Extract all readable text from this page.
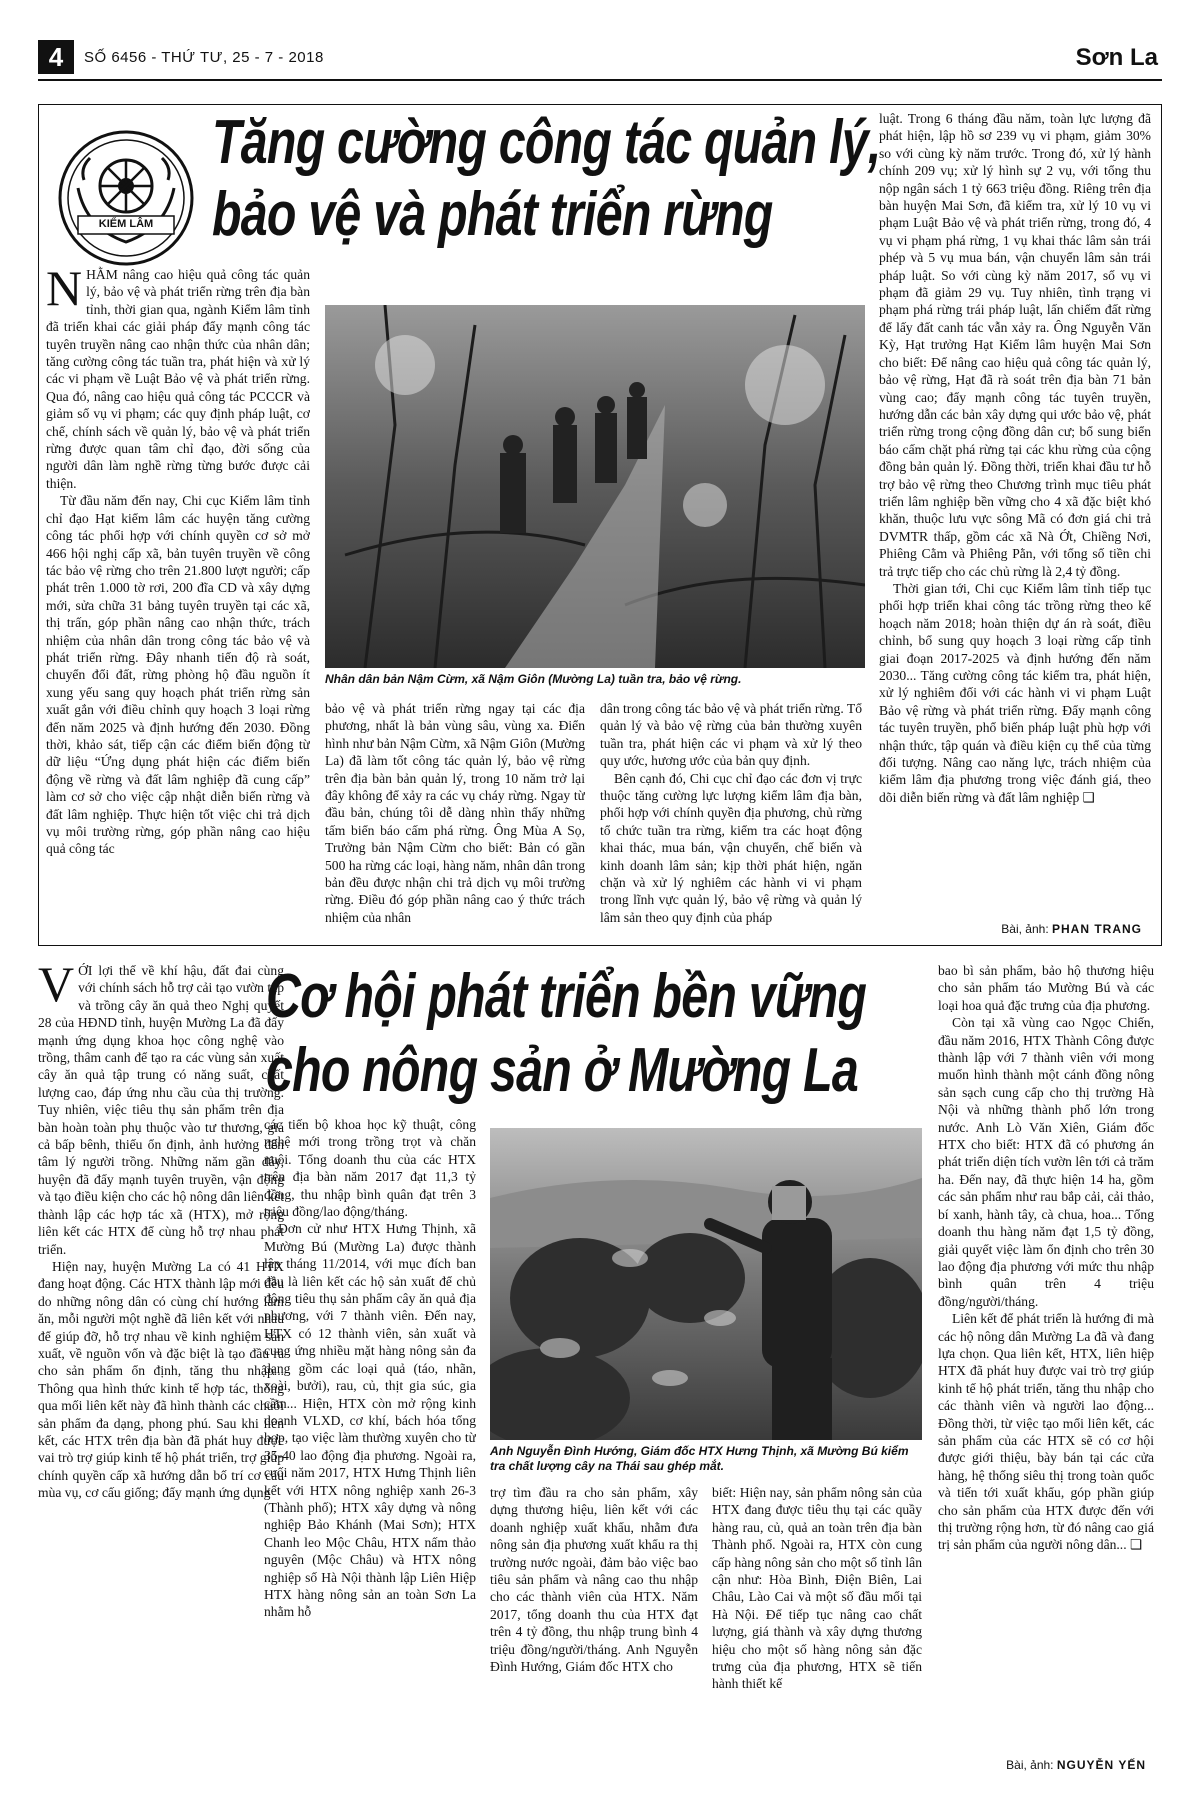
4	SỐ 6456 - THỨ TƯ, 25 - 7 - 2018	Sơn La
KIỂM LÂM
Tăng cường công tác quản lý,
bảo vệ và phát triển rừng

NHẰM nâng cao hiệu quả công tác quản lý, bảo vệ và phát triển rừng trên địa bàn tỉnh, thời gian qua, ngành Kiểm lâm tỉnh đã triển khai các giải pháp đẩy mạnh công tác tuyên truyền nâng cao nhận thức của nhân dân; tăng cường công tác tuần tra, phát hiện và xử lý các vi phạm về Luật Bảo vệ và phát triển rừng. Qua đó, nâng cao hiệu quả công tác PCCCR và giảm số vụ vi phạm; các quy định pháp luật, cơ chế, chính sách về quản lý, bảo vệ và phát triển rừng được quan tâm chỉ đạo, đời sống của người dân làm nghề rừng từng bước được cải thiện.

Từ đầu năm đến nay, Chi cục Kiểm lâm tỉnh chỉ đạo Hạt kiểm lâm các huyện tăng cường công tác phối hợp với chính quyền cơ sở mở 466 hội nghị cấp xã, bản tuyên truyền về công tác bảo vệ rừng cho trên 21.800 lượt người; cấp phát trên 1.000 tờ rơi, 200 đĩa CD và xây dựng mới, sửa chữa 31 bảng tuyên truyền tại các xã, thị trấn, góp phần nâng cao nhận thức, trách nhiệm của nhân dân trong công tác bảo vệ và phát triển rừng. Đây nhanh tiến độ rà soát, chuyển đổi đất, rừng phòng hộ đầu nguồn ít xung yếu sang quy hoạch phát triển rừng sản xuất gắn với điều chỉnh quy hoạch 3 loại rừng đến năm 2025 và định hướng đến 2030. Đồng thời, khảo sát, tiếp cận các điểm biến động từ dữ liệu “Ứng dụng phát hiện các điểm biến động về rừng và đất lâm nghiệp đã cung cấp” làm cơ sở cho việc cập nhật diễn biến rừng và đất lâm nghiệp. Thực hiện tốt việc chi trả dịch vụ môi trường rừng, góp phần nâng cao hiệu quả công tác

Nhân dân bản Nậm Cừm, xã Nậm Giôn (Mường La) tuần tra, bảo vệ rừng.

bảo vệ và phát triển rừng ngay tại các địa phương, nhất là bản vùng sâu, vùng xa. Điển hình như bản Nậm Cừm, xã Nậm Giôn (Mường La) đã làm tốt công tác quản lý, bảo vệ rừng trên địa bàn bản quản lý, trong 10 năm trở lại đây không để xảy ra các vụ cháy rừng. Ngay từ đầu bản, chúng tôi dễ dàng nhìn thấy những tấm biển báo cấm phá rừng. Ông Mùa A Sọ, Trưởng bản Nậm Cừm cho biết: Bản có gần 500 ha rừng các loại, hàng năm, nhân dân trong bản đều được nhận chi trả dịch vụ môi trường rừng. Điều đó góp phần nâng cao ý thức trách nhiệm của nhân

dân trong công tác bảo vệ và phát triển rừng. Tổ quản lý và bảo vệ rừng của bản thường xuyên tuần tra, phát hiện các vi phạm và xử lý theo quy ước, hương ước của bản quy định.

Bên cạnh đó, Chi cục chỉ đạo các đơn vị trực thuộc tăng cường lực lượng kiểm lâm địa bàn, phối hợp với chính quyền địa phương, chủ rừng tổ chức tuần tra rừng, kiểm tra các hoạt động khai thác, mua bán, vận chuyển, chế biến và kinh doanh lâm sản; kịp thời phát hiện, ngăn chặn và xử lý nghiêm các hành vi vi phạm trong lĩnh vực quản lý, bảo vệ rừng và quản lý lâm sản theo quy định của pháp

luật. Trong 6 tháng đầu năm, toàn lực lượng đã phát hiện, lập hồ sơ 239 vụ vi phạm, giảm 30% so với cùng kỳ năm trước. Trong đó, xử lý hành chính 209 vụ; xử lý hình sự 2 vụ, với tổng thu nộp ngân sách 1 tỷ 663 triệu đồng. Riêng trên địa bàn huyện Mai Sơn, đã kiểm tra, xử lý 10 vụ vi phạm Luật Bảo vệ và phát triển rừng, trong đó, 4 vụ vi phạm phá rừng, 1 vụ khai thác lâm sản trái phép và 5 vụ mua bán, vận chuyển lâm sản trái pháp luật. So với cùng kỳ năm 2017, số vụ vi phạm đã giảm 29 vụ. Tuy nhiên, tình trạng vi phạm phá rừng trái pháp luật, lấn chiếm đất rừng để lấy đất canh tác vẫn xảy ra. Ông Nguyễn Văn Kỳ, Hạt trưởng Hạt Kiểm lâm huyện Mai Sơn cho biết: Để nâng cao hiệu quả công tác quản lý, bảo vệ rừng, Hạt đã rà soát trên địa bàn 71 bản vùng cao; đẩy mạnh công tác tuyên truyền, hướng dẫn các bản xây dựng qui ước bảo vệ, phát triển rừng trong cộng đồng dân cư; bổ sung biển báo cấm chặt phá rừng tại các khu rừng của cộng đồng bản quản lý. Đồng thời, triển khai đầu tư hỗ trợ bảo vệ rừng theo Chương trình mục tiêu phát triển lâm nghiệp bền vững cho 4 xã đặc biệt khó khăn, thuộc lưu vực sông Mã có đơn giá chi trả DVMTR thấp, gồm các xã Nà Ớt, Chiềng Nơi, Phiêng Cằm và Phiêng Pằn, với tổng số tiền chi trả trực tiếp cho các chủ rừng là 2,4 tỷ đồng.

Thời gian tới, Chi cục Kiểm lâm tỉnh tiếp tục phối hợp triển khai công tác trồng rừng theo kế hoạch năm 2018; hoàn thiện dự án rà soát, điều chỉnh, bổ sung quy hoạch 3 loại rừng cấp tỉnh giai đoạn 2017-2025 và định hướng đến năm 2030... Tăng cường công tác kiểm tra, phát hiện, xử lý nghiêm đối với các hành vi vi phạm Luật Bảo vệ rừng và phát triển rừng. Đẩy mạnh công tác tuyên truyền, phổ biến pháp luật phù hợp với nhận thức, tập quán và điều kiện cụ thể của từng đối tượng. Nâng cao năng lực, trách nhiệm của kiểm lâm địa phương trong việc đánh giá, theo dõi diễn biến rừng và đất lâm nghiệp ❑

Bài, ảnh: PHAN TRANG

VỚI lợi thế về khí hậu, đất đai cùng với chính sách hỗ trợ cải tạo vườn tạp và trồng cây ăn quả theo Nghị quyết 28 của HĐND tỉnh, huyện Mường La đã đẩy mạnh ứng dụng khoa học công nghệ vào trồng, thâm canh để tạo ra các vùng sản xuất cây ăn quả tập trung có năng suất, chất lượng cao, đáp ứng nhu cầu của thị trường. Tuy nhiên, việc tiêu thụ sản phẩm trên địa bàn hoàn toàn phụ thuộc vào tư thương, giá cả bấp bênh, thiếu ổn định, ảnh hưởng đến tâm lý người trồng. Những năm gần đây, huyện đã đẩy mạnh tuyên truyền, vận động và tạo điều kiện cho các hộ nông dân liên kết thành lập các hợp tác xã (HTX), mở rộng liên kết các HTX để cùng hỗ trợ nhau phát triển.

Hiện nay, huyện Mường La có 41 HTX đang hoạt động. Các HTX thành lập mới đều do những nông dân có cùng chí hướng làm ăn, mỗi người một nghề đã liên kết với nhau để giúp đỡ, hỗ trợ nhau về kinh nghiệm sản xuất, về nguồn vốn và đặc biệt là tạo đầu ra cho sản phẩm ổn định, tăng thu nhập... Thông qua hình thức kinh tế hợp tác, thông qua mối liên kết này đã hình thành các chuỗi sản phẩm đa dạng, phong phú. Sau khi liên kết, các HTX trên địa bàn đã phát huy được vai trò trợ giúp kinh tế hộ phát triển, trợ giúp chính quyền cấp xã hướng dẫn bố trí cơ cấu mùa vụ, cơ cấu giống; đẩy mạnh ứng dụng

Cơ hội phát triển bền vững
cho nông sản ở Mường La

các tiến bộ khoa học kỹ thuật, công nghệ mới trong trồng trọt và chăn nuôi. Tổng doanh thu của các HTX trên địa bàn năm 2017 đạt 11,3 tỷ đồng, thu nhập bình quân đạt trên 3 triệu đồng/lao động/tháng.

Đơn cử như HTX Hưng Thịnh, xã Mường Bú (Mường La) được thành lập tháng 11/2014, với mục đích ban đầu là liên kết các hộ sản xuất để chủ động tiêu thụ sản phẩm cây ăn quả địa phương, với 7 thành viên. Đến nay, HTX có 12 thành viên, sản xuất và cung ứng nhiều mặt hàng nông sản đa dạng gồm các loại quả (táo, nhãn, xoài, bưởi), rau, củ, thịt gia súc, gia cầm... Hiện, HTX còn mở rộng kinh doanh VLXD, cơ khí, bách hóa tổng hợp, tạo việc làm thường xuyên cho từ 35-40 lao động địa phương. Ngoài ra, cuối năm 2017, HTX Hưng Thịnh liên kết với HTX nông nghiệp xanh 26-3 (Thành phố); HTX xây dựng và nông nghiệp Bảo Khánh (Mai Sơn); HTX Chanh leo Mộc Châu, HTX nấm thảo nguyên (Mộc Châu) và HTX nông nghiệp số Hà Nội thành lập Liên Hiệp HTX hàng nông sản an toàn Sơn La nhằm hỗ

Anh Nguyễn Đình Hướng, Giám đốc HTX Hưng Thịnh, xã Mường Bú kiểm tra chất lượng cây na Thái sau ghép mắt.

trợ tìm đầu ra cho sản phẩm, xây dựng thương hiệu, liên kết với các doanh nghiệp xuất khẩu, nhằm đưa nông sản địa phương xuất khẩu ra thị trường nước ngoài, đảm bảo việc bao tiêu sản phẩm và nâng cao thu nhập cho các thành viên của HTX. Năm 2017, tổng doanh thu của HTX đạt trên 4 tỷ đồng, thu nhập trung bình 4 triệu đồng/người/tháng. Anh Nguyễn Đình Hướng, Giám đốc HTX cho

biết: Hiện nay, sản phẩm nông sản của HTX đang được tiêu thụ tại các quầy hàng rau, củ, quả an toàn trên địa bàn Thành phố. Ngoài ra, HTX còn cung cấp hàng nông sản cho một số tỉnh lân cận như: Hòa Bình, Điện Biên, Lai Châu, Lào Cai và một số đầu mối tại Hà Nội. Để tiếp tục nâng cao chất lượng, giá thành và xây dựng thương hiệu cho một số hàng nông sản đặc trưng của địa phương, HTX sẽ tiến hành thiết kế

bao bì sản phẩm, bảo hộ thương hiệu cho sản phẩm táo Mường Bú và các loại hoa quả đặc trưng của địa phương.

Còn tại xã vùng cao Ngọc Chiến, đầu năm 2016, HTX Thành Công được thành lập với 7 thành viên với mong muốn hình thành một cánh đồng nông sản sạch cung cấp cho thị trường Hà Nội và những thành phố lớn trong nước. Anh Lò Văn Xiên, Giám đốc HTX cho biết: HTX đã có phương án phát triển diện tích vườn lên tới cả trăm ha. Đến nay, đã thực hiện 14 ha, gồm các sản phẩm như rau bắp cải, cải thảo, bí xanh, hành tây, cà chua, hoa... Tổng doanh thu hàng năm đạt 1,5 tỷ đồng, giải quyết việc làm ổn định cho trên 30 lao động địa phương với mức thu nhập bình quân trên 4 triệu đồng/người/tháng.

Liên kết để phát triển là hướng đi mà các hộ nông dân Mường La đã và đang lựa chọn. Qua liên kết, HTX, liên hiệp HTX đã phát huy được vai trò trợ giúp kinh tế hộ phát triển, tăng thu nhập cho các thành viên và người lao động... Đồng thời, từ việc tạo mối liên kết, các sản phẩm của các HTX sẽ có cơ hội được giới thiệu, bày bán tại các cửa hàng, hệ thống siêu thị trong toàn quốc và tiến tới xuất khẩu, góp phần giúp cho sản phẩm của HTX được đến với thị trường rộng hơn, từ đó nâng cao giá trị sản phẩm của người nông dân... ❑

Bài, ảnh: NGUYỄN YẾN
